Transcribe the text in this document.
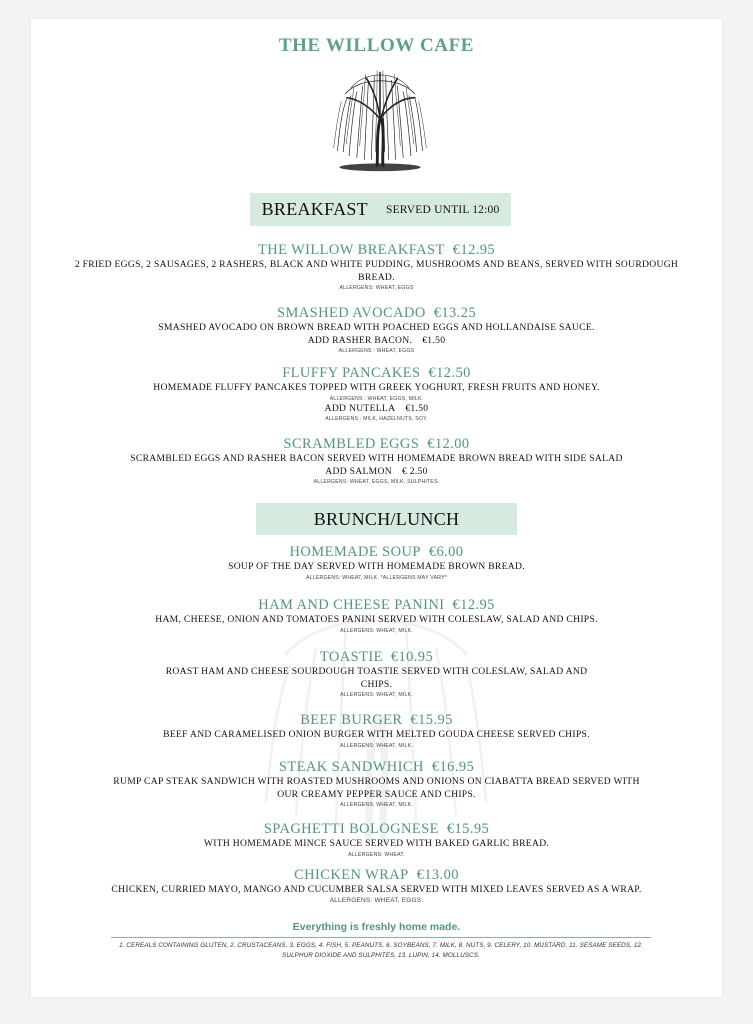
THE WILLOW CAFE
BREAKFAST SERVED UNTIL 12:00
THE WILLOW BREAKFAST €12.95
2 FRIED EGGS, 2 SAUSAGES, 2 RASHERS, BLACK AND WHITE PUDDING, MUSHROOMS AND BEANS, SERVED WITH SOURDOUGH BREAD.
ALLERGENS: WHEAT, EGGS
SMASHED AVOCADO €13.25
SMASHED AVOCADO ON BROWN BREAD WITH POACHED EGGS AND HOLLANDAISE SAUCE.
ADD RASHER BACON. €1.50
ALLERGENS : WHEAT, EGGS
FLUFFY PANCAKES €12.50
HOMEMADE FLUFFY PANCAKES TOPPED WITH GREEK YOGHURT, FRESH FRUITS AND HONEY.
ALLERGENS : WHEAT, EGGS, MILK.
ADD NUTELLA €1.50
ALLERGENS : MILK, HAZELNUTS, SOY.
SCRAMBLED EGGS €12.00
SCRAMBLED EGGS AND RASHER BACON SERVED WITH HOMEMADE BROWN BREAD WITH SIDE SALAD
ADD SALMON € 2.50
ALLERGENS: WHEAT, EGGS, MILK, SULPHITES.
BRUNCH/LUNCH
HOMEMADE SOUP €6.00
SOUP OF THE DAY SERVED WITH HOMEMADE BROWN BREAD.
ALLERGENS: WHEAT, MILK. *ALLERGENS MAY VARY*
HAM AND CHEESE PANINI €12.95
HAM, CHEESE, ONION AND TOMATOES PANINI SERVED WITH COLESLAW, SALAD AND CHIPS.
ALLERGENS: WHEAT, MILK.
TOASTIE €10.95
ROAST HAM AND CHEESE SOURDOUGH TOASTIE SERVED WITH COLESLAW, SALAD AND CHIPS.
ALLERGENS: WHEAT, MILK.
BEEF BURGER €15.95
BEEF AND CARAMELISED ONION BURGER WITH MELTED GOUDA CHEESE SERVED CHIPS.
ALLERGENS: WHEAT, MILK.
STEAK SANDWHICH €16.95
RUMP CAP STEAK SANDWICH WITH ROASTED MUSHROOMS AND ONIONS ON CIABATTA BREAD SERVED WITH OUR CREAMY PEPPER SAUCE AND CHIPS.
ALLERGENS: WHEAT, MILK.
SPAGHETTI BOLOGNESE €15.95
WITH HOMEMADE MINCE SAUCE SERVED WITH BAKED GARLIC BREAD.
ALLERGENS: WHEAT.
CHICKEN WRAP €13.00
CHICKEN, CURRIED MAYO, MANGO AND CUCUMBER SALSA SERVED WITH MIXED LEAVES SERVED AS A WRAP.
ALLERGENS: WHEAT, EGGS.
Everything is freshly home made.
1. CEREALS CONTAINING GLUTEN, 2. CRUSTACEANS, 3. EGGS, 4. FISH, 5. PEANUTS, 6. SOYBEANS, 7. MILK, 8. NUTS, 9. CELERY, 10. MUSTARD, 11. SESAME SEEDS, 12. SULPHUR DIOXIDE AND SULPHITES, 13. LUPIN, 14. MOLLUSCS.
